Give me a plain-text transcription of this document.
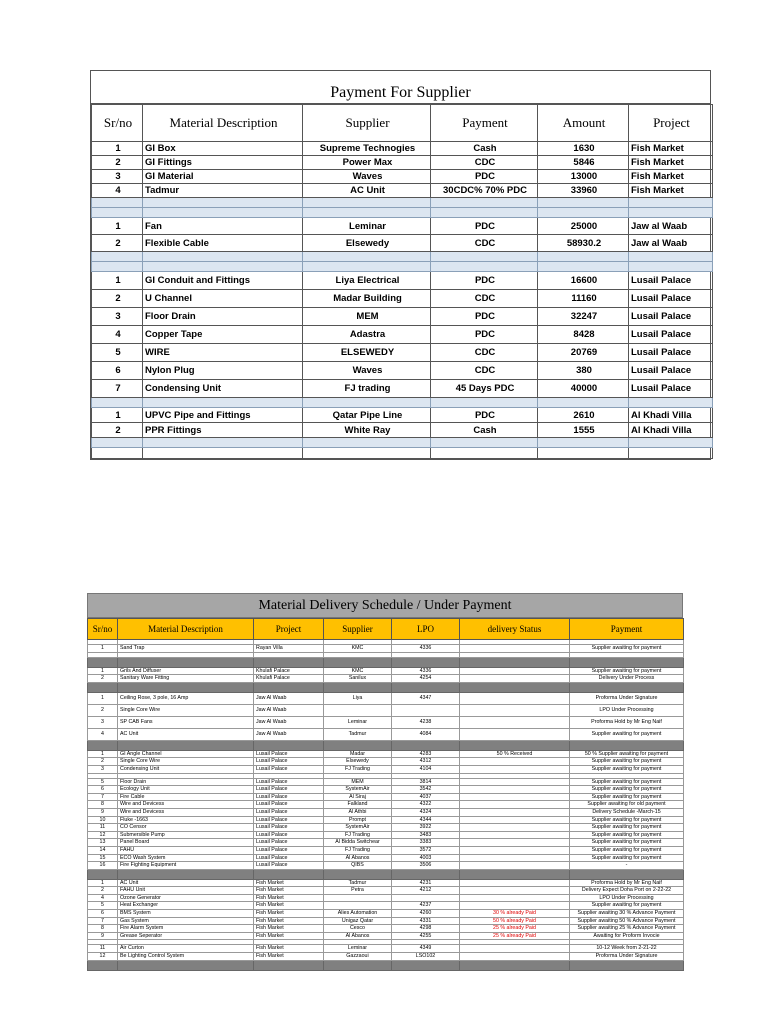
Payment For Supplier
Sr/no	Material Description	Supplier	Payment	Amount	Project
1	GI Box	Supreme Technogies	Cash	1630	Fish Market
2	GI Fittings	Power Max	CDC	5846	Fish Market
3	GI Material	Waves	PDC	13000	Fish Market
4	Tadmur	AC Unit	30CDC% 70% PDC	33960	Fish Market

1	Fan	Leminar	PDC	25000	Jaw al Waab
2	Flexible Cable	Elsewedy	CDC	58930.2	Jaw al Waab

1	GI Conduit and Fittings	Liya Electrical	PDC	16600	Lusail Palace
2	U Channel	Madar Building	CDC	11160	Lusail Palace
3	Floor Drain	MEM	PDC	32247	Lusail Palace
4	Copper Tape	Adastra	PDC	8428	Lusail Palace
5	WIRE	ELSEWEDY	CDC	20769	Lusail Palace
6	Nylon Plug	Waves	CDC	380	Lusail Palace
7	Condensing Unit	FJ trading	45 Days PDC	40000	Lusail Palace

1	UPVC Pipe and Fittings	Qatar Pipe Line	PDC	2610	Al Khadi Villa
2	PPR Fittings	White Ray	Cash	1555	Al Khadi Villa

Material Delivery Schedule / Under Payment
Sr/no	Material Description	Project	Supplier	LPO	delivery Status	Payment

1	Sand Trap	Rayan Villa	KMC	4336		Supplier awaiting for payment

1	Grils And Diffuser	Khulafi Palace	KMC	4336		Supplier awaiting for payment
2	Sanitary Ware Fitting	Khulafi Palace	Sanilux	4254		Delivery Under Process

1	Ceiling Rose, 3 pole, 16 Amp	Jaw Al Waab	Liya	4347		Proforma Under Signature
2	Single Core Wire	Jaw Al Waab				LPO Under Processing
3	SP CAB Fans	Jaw Al Waab	Leminar	4238		Proforma Hold by Mr Eng Naif
4	AC Unit	Jaw Al Waab	Tadmur	4084		Supplier awaiting for payment

1	GI Angle Channel	Lusail Palace	Madar	4283	50 % Received	50 % Supplier awaiting for payment
2	Single Core Wire	Lusail Palace	Elsewedy	4312		Supplier awaiting for payment
3	Condensing Unit	Lusail Palace	FJ Trading	4104		Supplier awaiting for payment

5	Floor Drain	Lusail Palace	MEM	3814		Supplier awaiting for payment
6	Ecology Unit	Lusail Palace	SystemAir	3542		Supplier awaiting for payment
7	Fire Cable	Lusail Palace	Al Siraj	4037		Supplier awaiting for payment
8	Wire and Devicess	Lusail Palace	Falkland	4322		Supplier awaiting for old payment
9	Wire and Devicess	Lusail Palace	Al Athbi	4324		Delivery Schedule -March-15
10	Fluke -1663	Lusail Palace	Prompt	4344		Supplier awaiting for payment
11	CO Censor	Lusail Palace	SystemAir	3922		Supplier awaiting for payment
12	Submersible Pump	Lusail Palace	FJ Trading	3483		Supplier awaiting for payment
13	Panel Board	Lusail Palace	Al Bidda Switchear	3383		Supplier awaiting for payment
14	FAHU	Lusail Palace	FJ Trading	3572		Supplier awaiting for payment
15	ECO Wash System	Lusail Palace	Al Abanos	4003		Supplier awaiting for payment
16	Fire Fighting Equipment	Lusail Palace	QIBS	3506		-

1	AC Unit	Fish Market	Tadmur	4231		Proforma Hold by Mr Eng Naif
2	FAHU Unit	Fish Market	Petra	4212		Delivery Expect Doha Port on 2-22-22
4	Ozone Generator	Fish Market				LPO Under Processing
5	Heat Exchanger	Fish Market		4237		Supplier awaiting for payment
6	BMS System	Fish Market	Alies Automation	4260	30 % already Paid	Supplier awaiting 30 % Advance Payment
7	Gas System	Fish Market	Unigaz Qatar	4331	50 % already Paid	Supplier awaiting 50 % Advance Payment
8	Fire Alarm System	Fish Market	Cesco	4298	25 % already Paid	Supplier awaiting 25 % Advance Payment
9	Grease Seperator	Fish Market	Al Abanos	4255	25 % already Paid	Awaiting for Proform Invocie

11	Air Curton	Fish Market	Leminar	4349		10-12 Week from 2-21-22
12	Be Lighting Control System	Fish Market	Gazzaoui	LSO102		Proforma Under Signature
